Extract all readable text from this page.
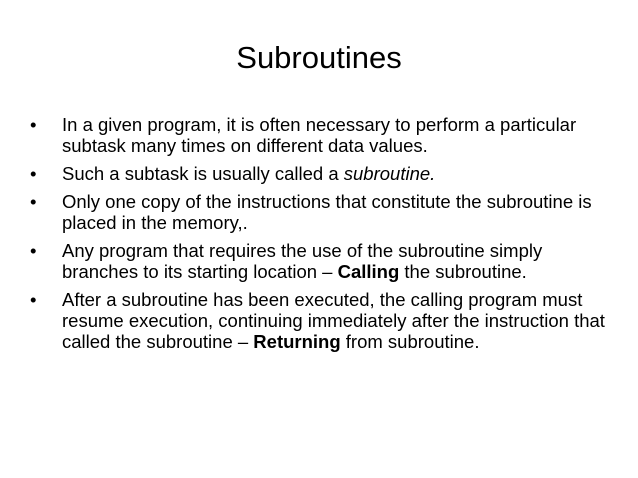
Subroutines
•	In a given program, it is often necessary to perform a particular subtask many times on different data values.
•	Such a subtask is usually called a subroutine.
•	Only one copy of the instructions that constitute the subroutine is placed in the memory,.
•	Any program that requires the use of the subroutine simply branches to its starting location – Calling the subroutine.
•	After a subroutine has been executed, the calling program must resume execution, continuing immediately after the instruction that called the subroutine – Returning from subroutine.
